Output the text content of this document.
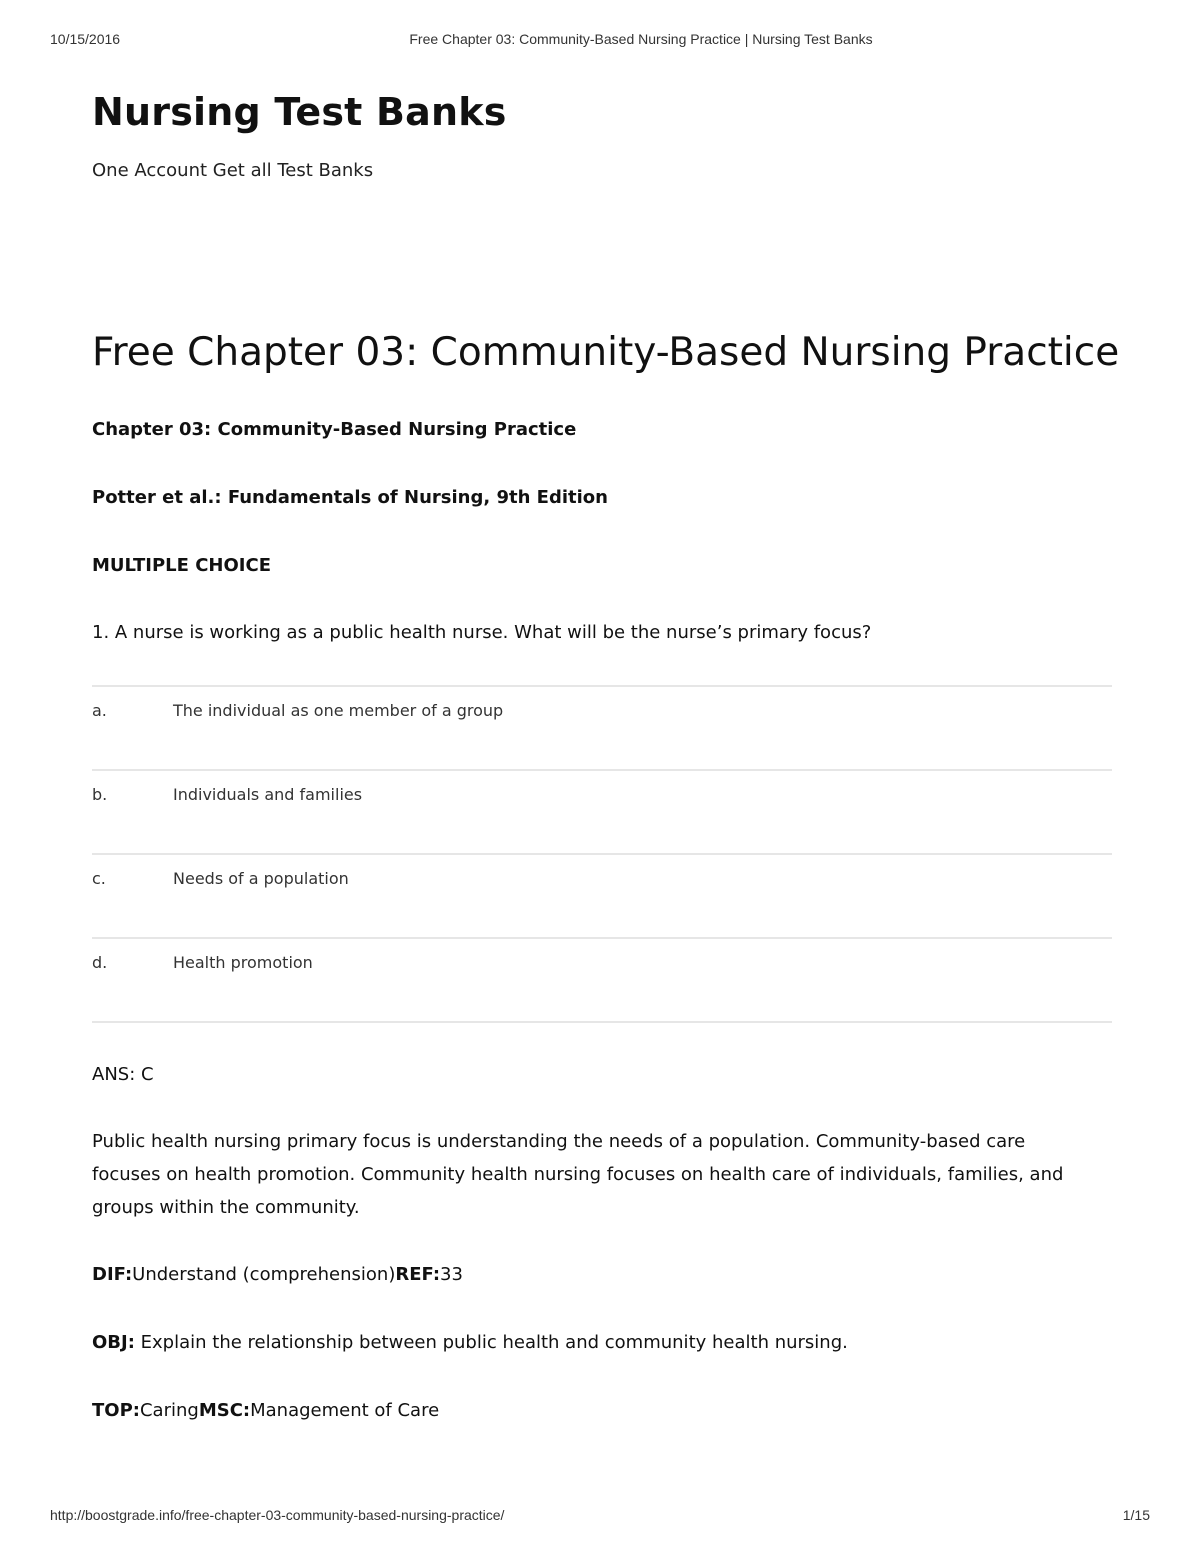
10/15/2016	Free Chapter 03: Community-Based Nursing Practice | Nursing Test Banks
Nursing Test Banks
One Account Get all Test Banks
Free Chapter 03: Community-Based Nursing Practice
Chapter 03: Community-Based Nursing Practice
Potter et al.: Fundamentals of Nursing, 9th Edition
MULTIPLE CHOICE
1. A nurse is working as a public health nurse. What will be the nurse’s primary focus?
a.	The individual as one member of a group
b.	Individuals and families
c.	Needs of a population
d.	Health promotion
ANS: C
Public health nursing primary focus is understanding the needs of a population. Community-based care focuses on health promotion. Community health nursing focuses on health care of individuals, families, and groups within the community.
DIF:Understand (comprehension)REF:33
OBJ: Explain the relationship between public health and community health nursing.
TOP:CaringMSC:Management of Care
http://boostgrade.info/free-chapter-03-community-based-nursing-practice/	1/15
